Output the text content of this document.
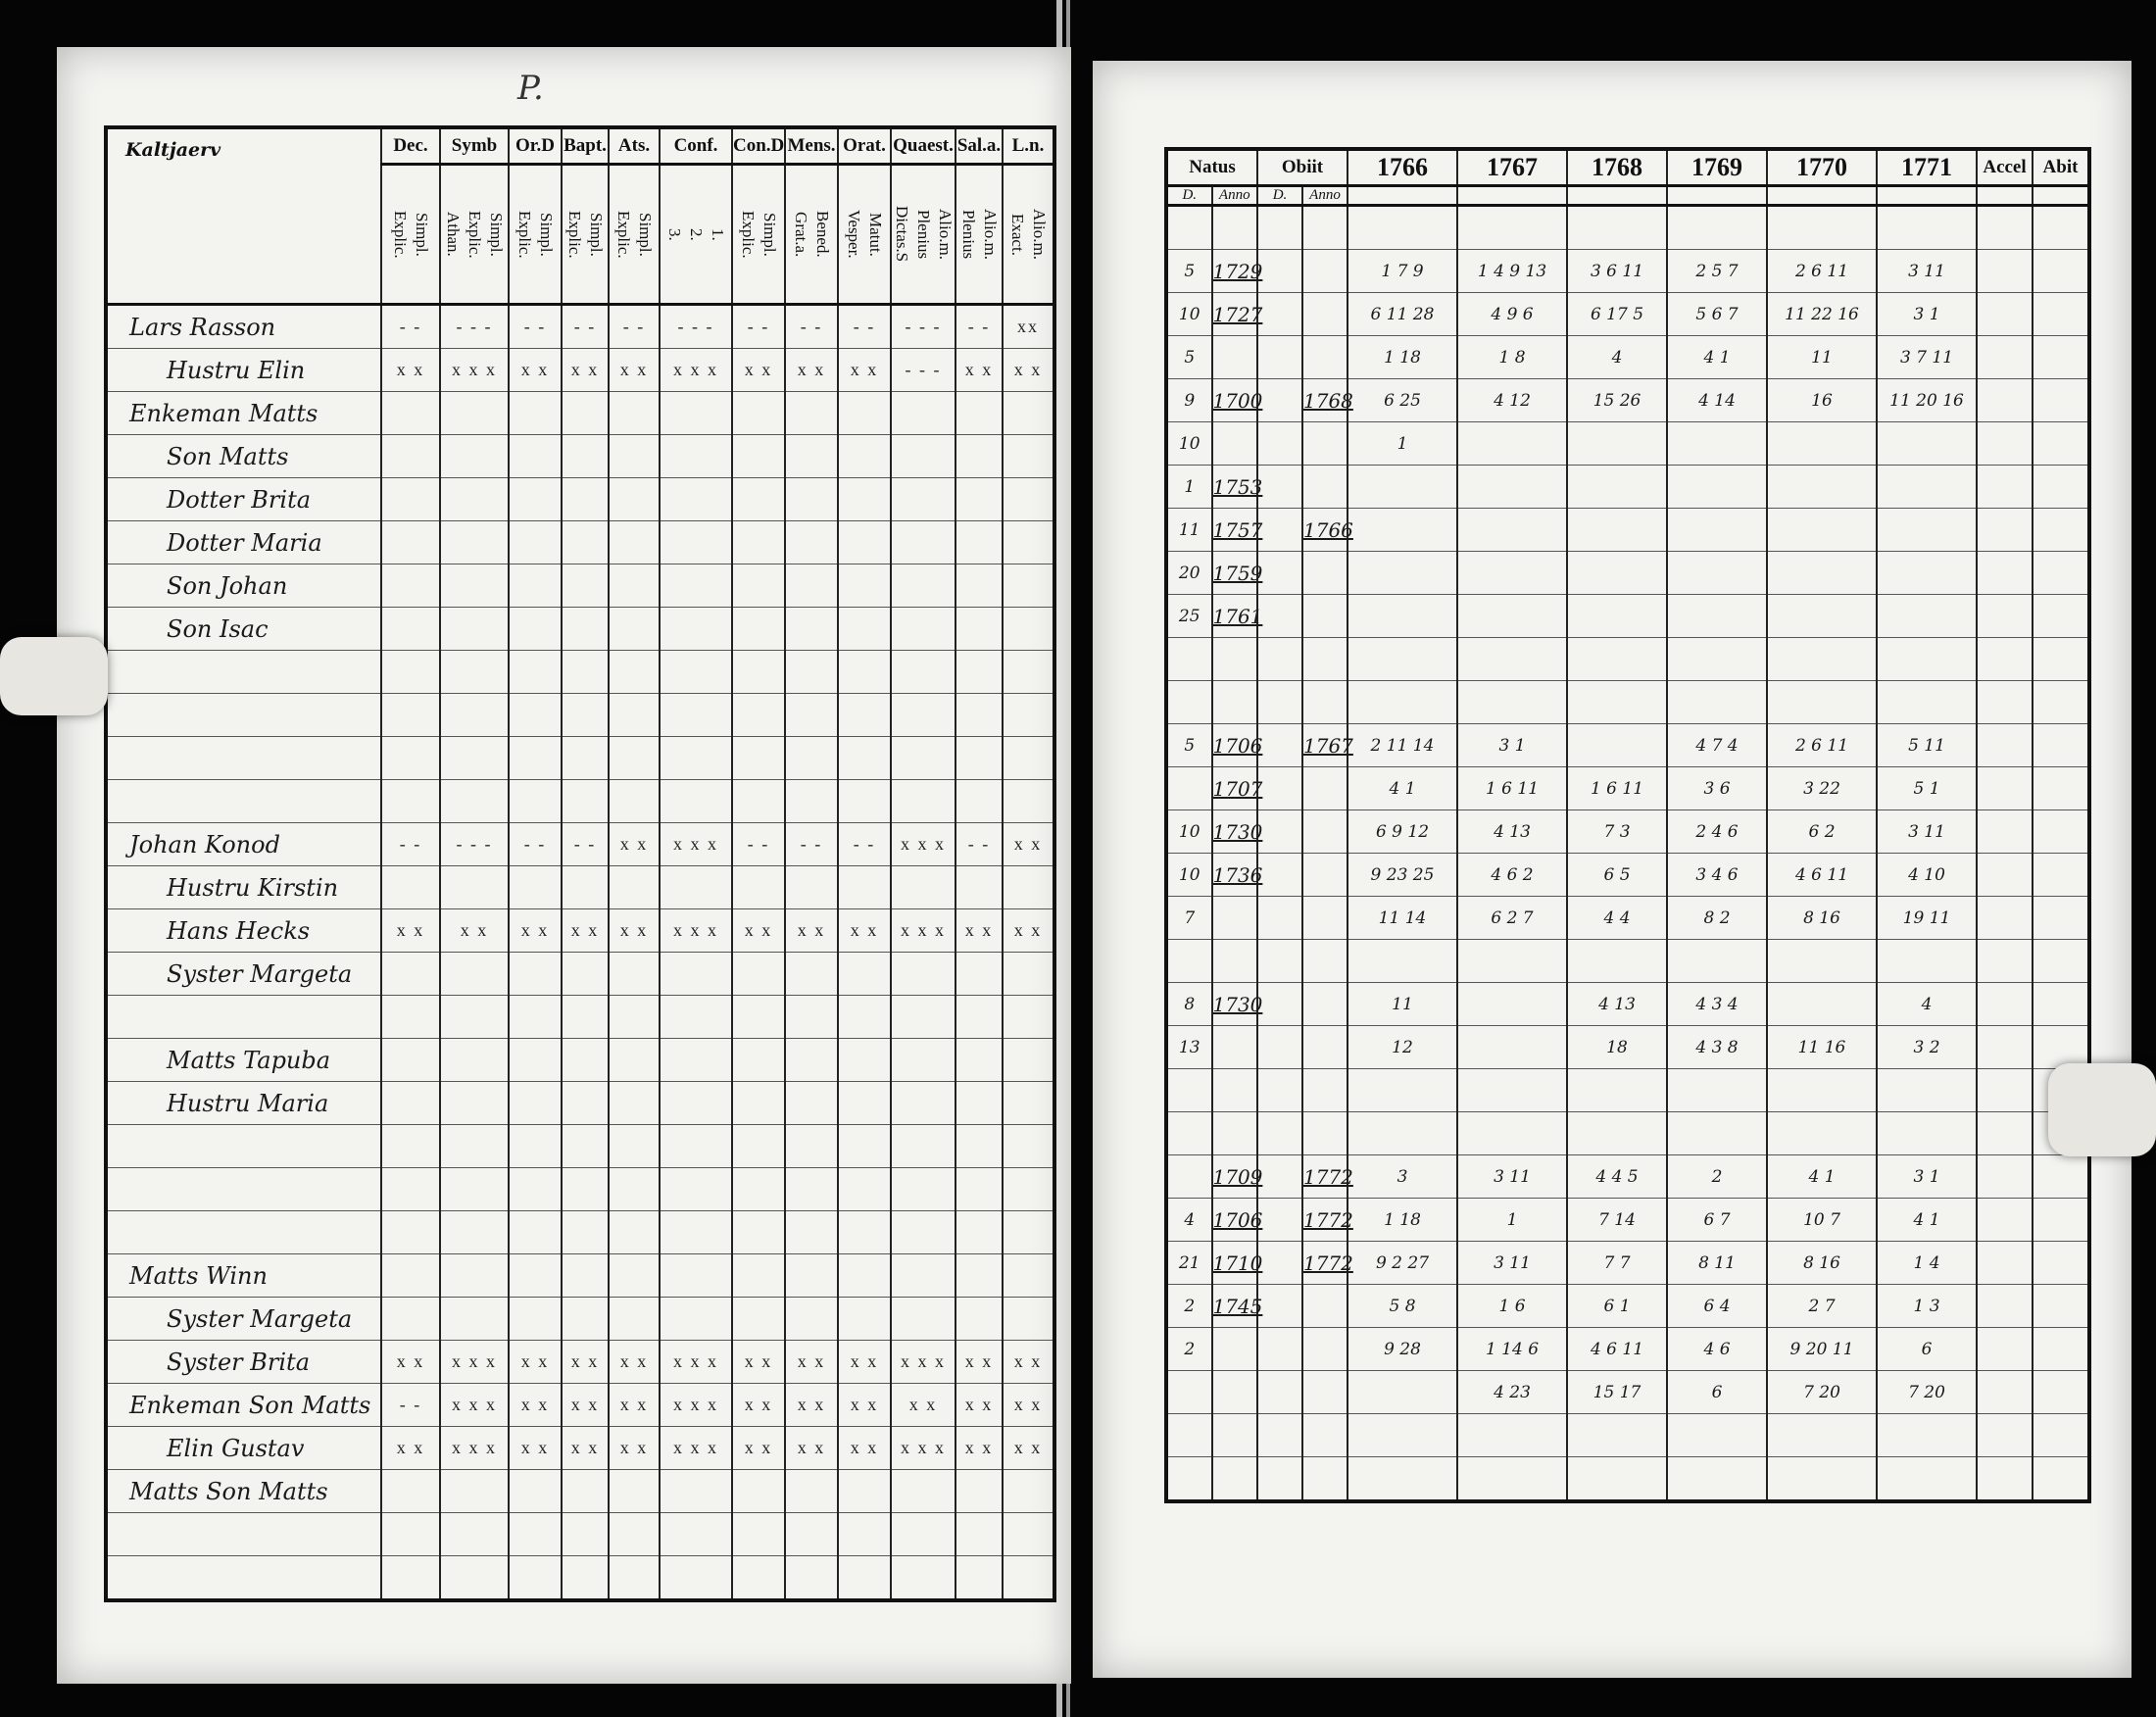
P.
Kaltjaerv	Dec.	Symb	Or.D	Bapt.	Ats.	Conf.	Con.D	Mens.	Orat.	Quaest.	Sal.a.	L.n.

	Explic. Simpl.	Athan. Explic. Simpl.	Explic. Simpl.	Explic. Simpl.	Explic. Simpl.	3. 2. 1.	Explic. Simpl.	Grat.a. Bened.	Vesper. Matut.	Dictas.S Plenius Alio.m.	Plenius Alio.m.	Exact. Alio.m.

Lars Rasson	- -	- - -	- -	- -	- -	- - -	- -	- -	- -	- - -	- -	xx
Hustru Elin	x x	x x x	x x	x x	x x	x x x	x x	x x	x x	- - -	x x	x x
Enkeman Matts												
Son Matts												
Dotter Brita												
Dotter Maria												
Son Johan												
Son Isac												

Johan Konod	- -	- - -	- -	- -	x x	x x x	- -	- -	- -	x x x	- -	x x
Hustru Kirstin												
Hans Hecks	x x	x x	x x	x x	x x	x x x	x x	x x	x x	x x x	x x	x x
Syster Margeta												

Matts Tapuba												
Hustru Maria												

Matts Winn												
Syster Margeta												
Syster Brita	x x	x x x	x x	x x	x x	x x x	x x	x x	x x	x x x	x x	x x
Enkeman Son Matts	- -	x x x	x x	x x	x x	x x x	x x	x x	x x	x x	x x	x x
Elin Gustav	x x	x x x	x x	x x	x x	x x x	x x	x x	x x	x x x	x x	x x
Matts Son Matts												

Natus		Obiit		1766	1767	1768	1769	1770	1771	Accel	Abit
D.	Anno	D.	Anno								

5	1729			1 7 9	1 4 9 13	3 6 11	2 5 7	2 6 11	3 11		
10	1727			6 11 28	4 9 6	6 17 5	5 6 7	11 22 16	3 1		
5				1 18	1 8	4	4 1	11	3 7 11		
9	1700		1768	6 25	4 12	15 26	4 14	16	11 20 16		
10				1							
1	1753										
11	1757		1766								
20	1759										
25	1761										

5	1706		1767	2 11 14	3 1		4 7 4	2 6 11	5 11		
	1707			4 1	1 6 11	1 6 11	3 6	3 22	5 1		
10	1730			6 9 12	4 13	7 3	2 4 6	6 2	3 11		
10	1736			9 23 25	4 6 2	6 5	3 4 6	4 6 11	4 10		
7				11 14	6 2 7	4 4	8 2	8 16	19 11		

8	1730			11		4 13	4 3 4		4		
13				12		18	4 3 8	11 16	3 2		

	1709		1772	3	3 11	4 4 5	2	4 1	3 1		
4	1706		1772	1 18	1	7 14	6 7	10 7	4 1		
21	1710		1772	9 2 27	3 11	7 7	8 11	8 16	1 4		
2	1745			5 8	1 6	6 1	6 4	2 7	1 3		
2				9 28	1 14 6	4 6 11	4 6	9 20 11	6		
					4 23	15 17	6	7 20	7 20		
